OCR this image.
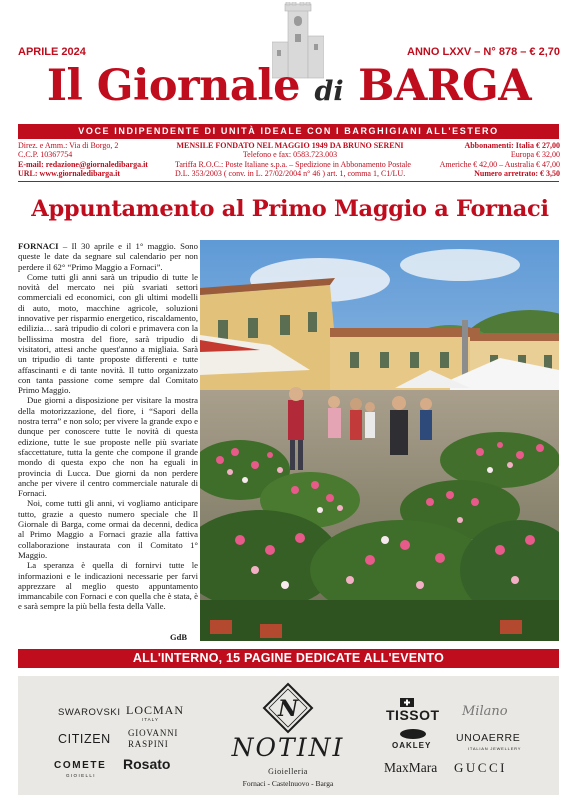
APRILE 2024	ANNO LXXV – N° 878 – € 2,70
Il Giornale di BARGA
VOCE INDIPENDENTE DI UNITÀ IDEALE CON I BARGHIGIANI ALL'ESTERO
Direz. e Amm.: Via di Borgo, 2
C.C.P. 10367754
E-mail: redazione@giornaledibarga.it
URL: www.giornaledibarga.it
MENSILE FONDATO NEL MAGGIO 1949 DA BRUNO SERENI
Telefono e fax: 0583.723.003
Tariffa R.O.C.: Poste Italiane s.p.a. – Spedizione in Abbonamento Postale
D.L. 353/2003 ( conv. in L. 27/02/2004 n° 46 ) art. 1, comma 1, C1/LU.
Abbonamenti: Italia € 27,00
Europa € 32,00
Americhe € 42,00 – Australia € 47,00
Numero arretrato: € 3,50
Appuntamento al Primo Maggio a Fornaci

FORNACI – Il 30 aprile e il 1° maggio. Sono queste le date da segnare sul calendario per non perdere il 62° “Primo Maggio a Fornaci”.

Come tutti gli anni sarà un tripudio di tutte le novità del mercato nei più svariati settori commerciali ed economici, con gli ultimi modelli di auto, moto, macchine agricole, soluzioni innovative per risparmio energetico, riscaldamento, edilizia… sarà tripudio di colori e primavera con la bellissima mostra del fiore, sarà tripudio di visitatori, attesi anche quest'anno a migliaia. Sarà un tripudio di tante proposte differenti e tutte affascinanti e di tante novità. Il tutto organizzato con tanta passione come sempre dal Comitato Primo Maggio.

Due giorni a disposizione per visitare la mostra della motorizzazione, del fiore, i “Sapori della nostra terra” e non solo; per vivere la grande expo e dunque per conoscere tutte le novità di questa edizione, tutte le sue proposte nelle più svariate sfaccettature, tutta la gente che compone il grande mondo di questa expo che non ha eguali in provincia di Lucca. Due giorni da non perdere anche per vivere il centro commerciale naturale di Fornaci.

Noi, come tutti gli anni, vi vogliamo anticipare tutto, grazie a questo numero speciale che Il Giornale di Barga, come ormai da decenni, dedica al Primo Maggio a Fornaci grazie alla fattiva collaborazione instaurata con il Comitato 1° Maggio.

La speranza è quella di fornirvi tutte le informazioni e le indicazioni necessarie per farvi apprezzare al meglio questo appuntamento immancabile con Fornaci e con quella che è stata, è e sarà sempre la più bella festa della Valle.

GdB
ALL'INTERNO, 15 PAGINE DEDICATE ALL'EVENTO
SWAROVSKI LOCMAN
ITALY
CITIZEN GIOVANNI
RASPINI
COMETE
GIOIELLI
Rosato
N
NOTINI
Gioielleria
Fornaci - Castelnuovo - Barga
TISSOT Milano
UNOAERRE
ITALIAN JEWELLERY
OAKLEY
MaxMara GUCCI
